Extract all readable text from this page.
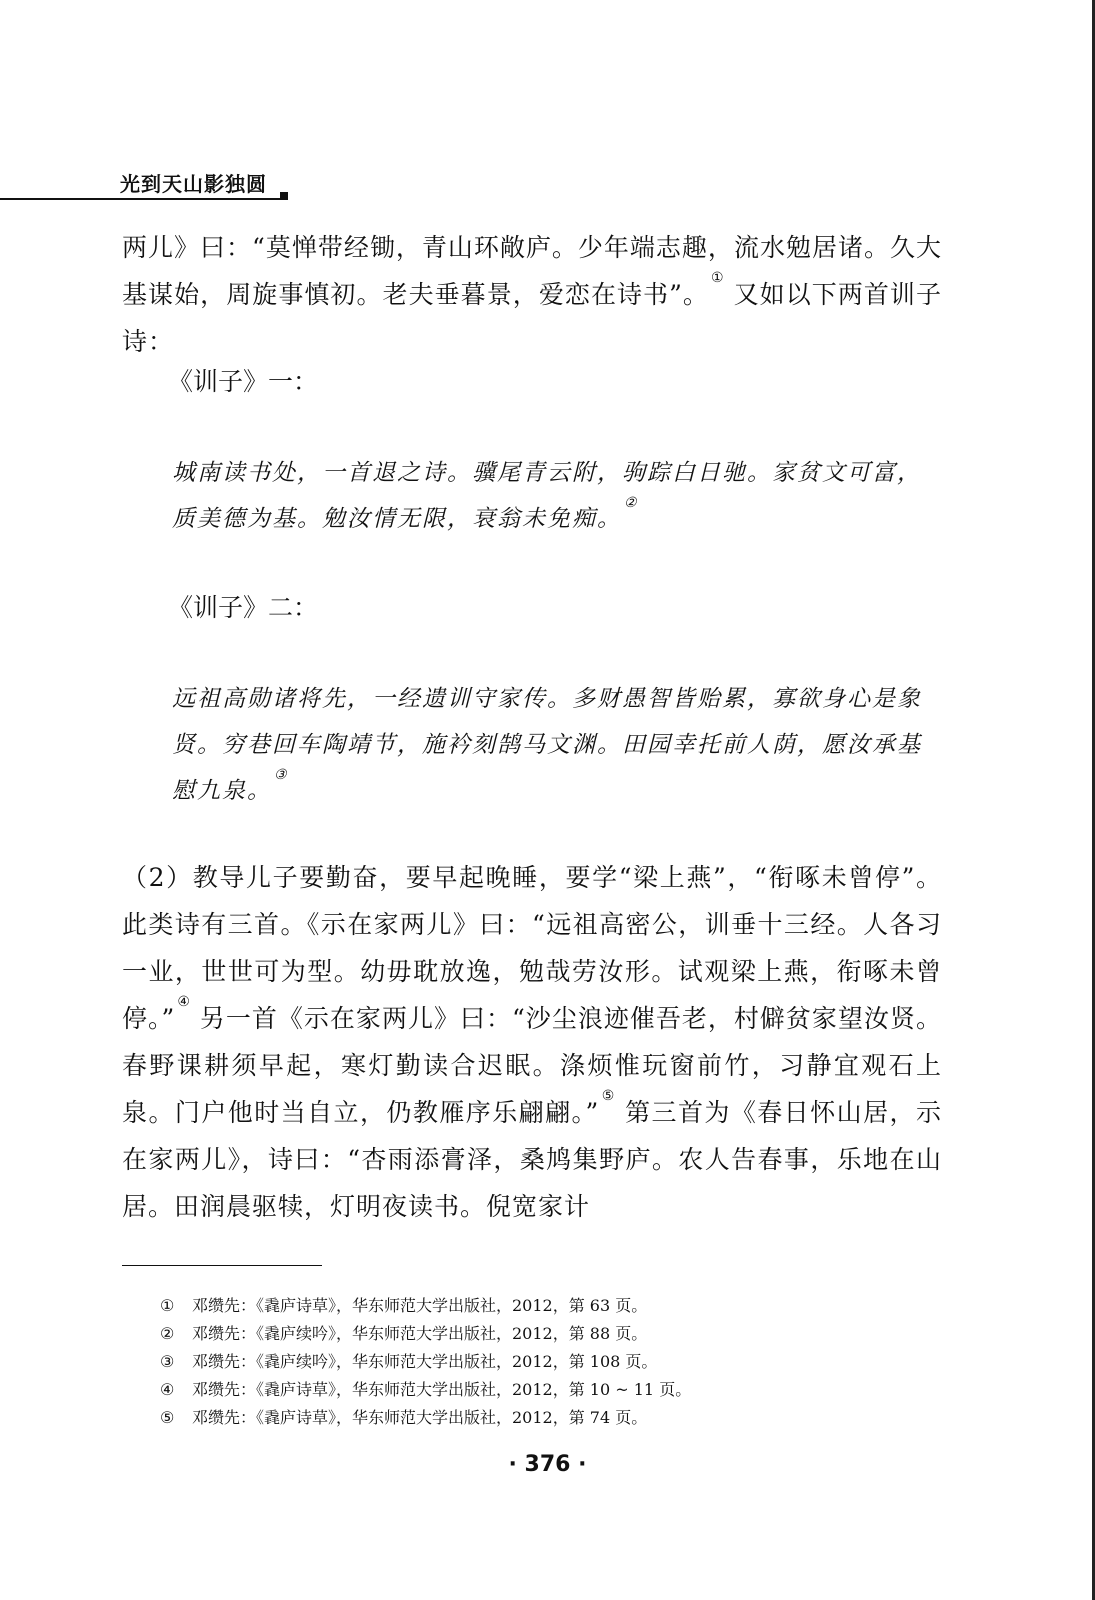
光到天山影独圆

两儿》曰：“莫惮带经锄，青山环敞庐。少年端志趣，流水勉居诸。久大基谋始，周旋事慎初。老夫垂暮景，爱恋在诗书”。① 又如以下两首训子诗：

《训子》一：

城南读书处，一首退之诗。骥尾青云附，驹踪白日驰。家贫文可富，质美德为基。勉汝情无限，衰翁未免痴。②

《训子》二：

远祖高勋诸将先，一经遗训守家传。多财愚智皆贻累，寡欲身心是象贤。穷巷回车陶靖节，施衿刻鹄马文渊。田园幸托前人荫，愿汝承基慰九泉。③

（2）教导儿子要勤奋，要早起晚睡，要学“梁上燕”，“衔啄未曾停”。此类诗有三首。《示在家两儿》曰：“远祖高密公，训垂十三经。人各习一业，世世可为型。幼毋耽放逸，勉哉劳汝形。试观梁上燕，衔啄未曾停。”④ 另一首《示在家两儿》曰：“沙尘浪迹催吾老，村僻贫家望汝贤。春野课耕须早起，寒灯勤读合迟眠。涤烦惟玩窗前竹，习静宜观石上泉。门户他时当自立，仍教雁序乐翩翩。”⑤ 第三首为《春日怀山居，示在家两儿》，诗曰：“杏雨添膏泽，桑鸠集野庐。农人告春事，乐地在山居。田润晨驱犊，灯明夜读书。倪宽家计

① 邓缵先：《毳庐诗草》，华东师范大学出版社，2012，第 63 页。
② 邓缵先：《毳庐续吟》，华东师范大学出版社，2012，第 88 页。
③ 邓缵先：《毳庐续吟》，华东师范大学出版社，2012，第 108 页。
④ 邓缵先：《毳庐诗草》，华东师范大学出版社，2012，第 10 ~ 11 页。
⑤ 邓缵先：《毳庐诗草》，华东师范大学出版社，2012，第 74 页。
· 376 ·
